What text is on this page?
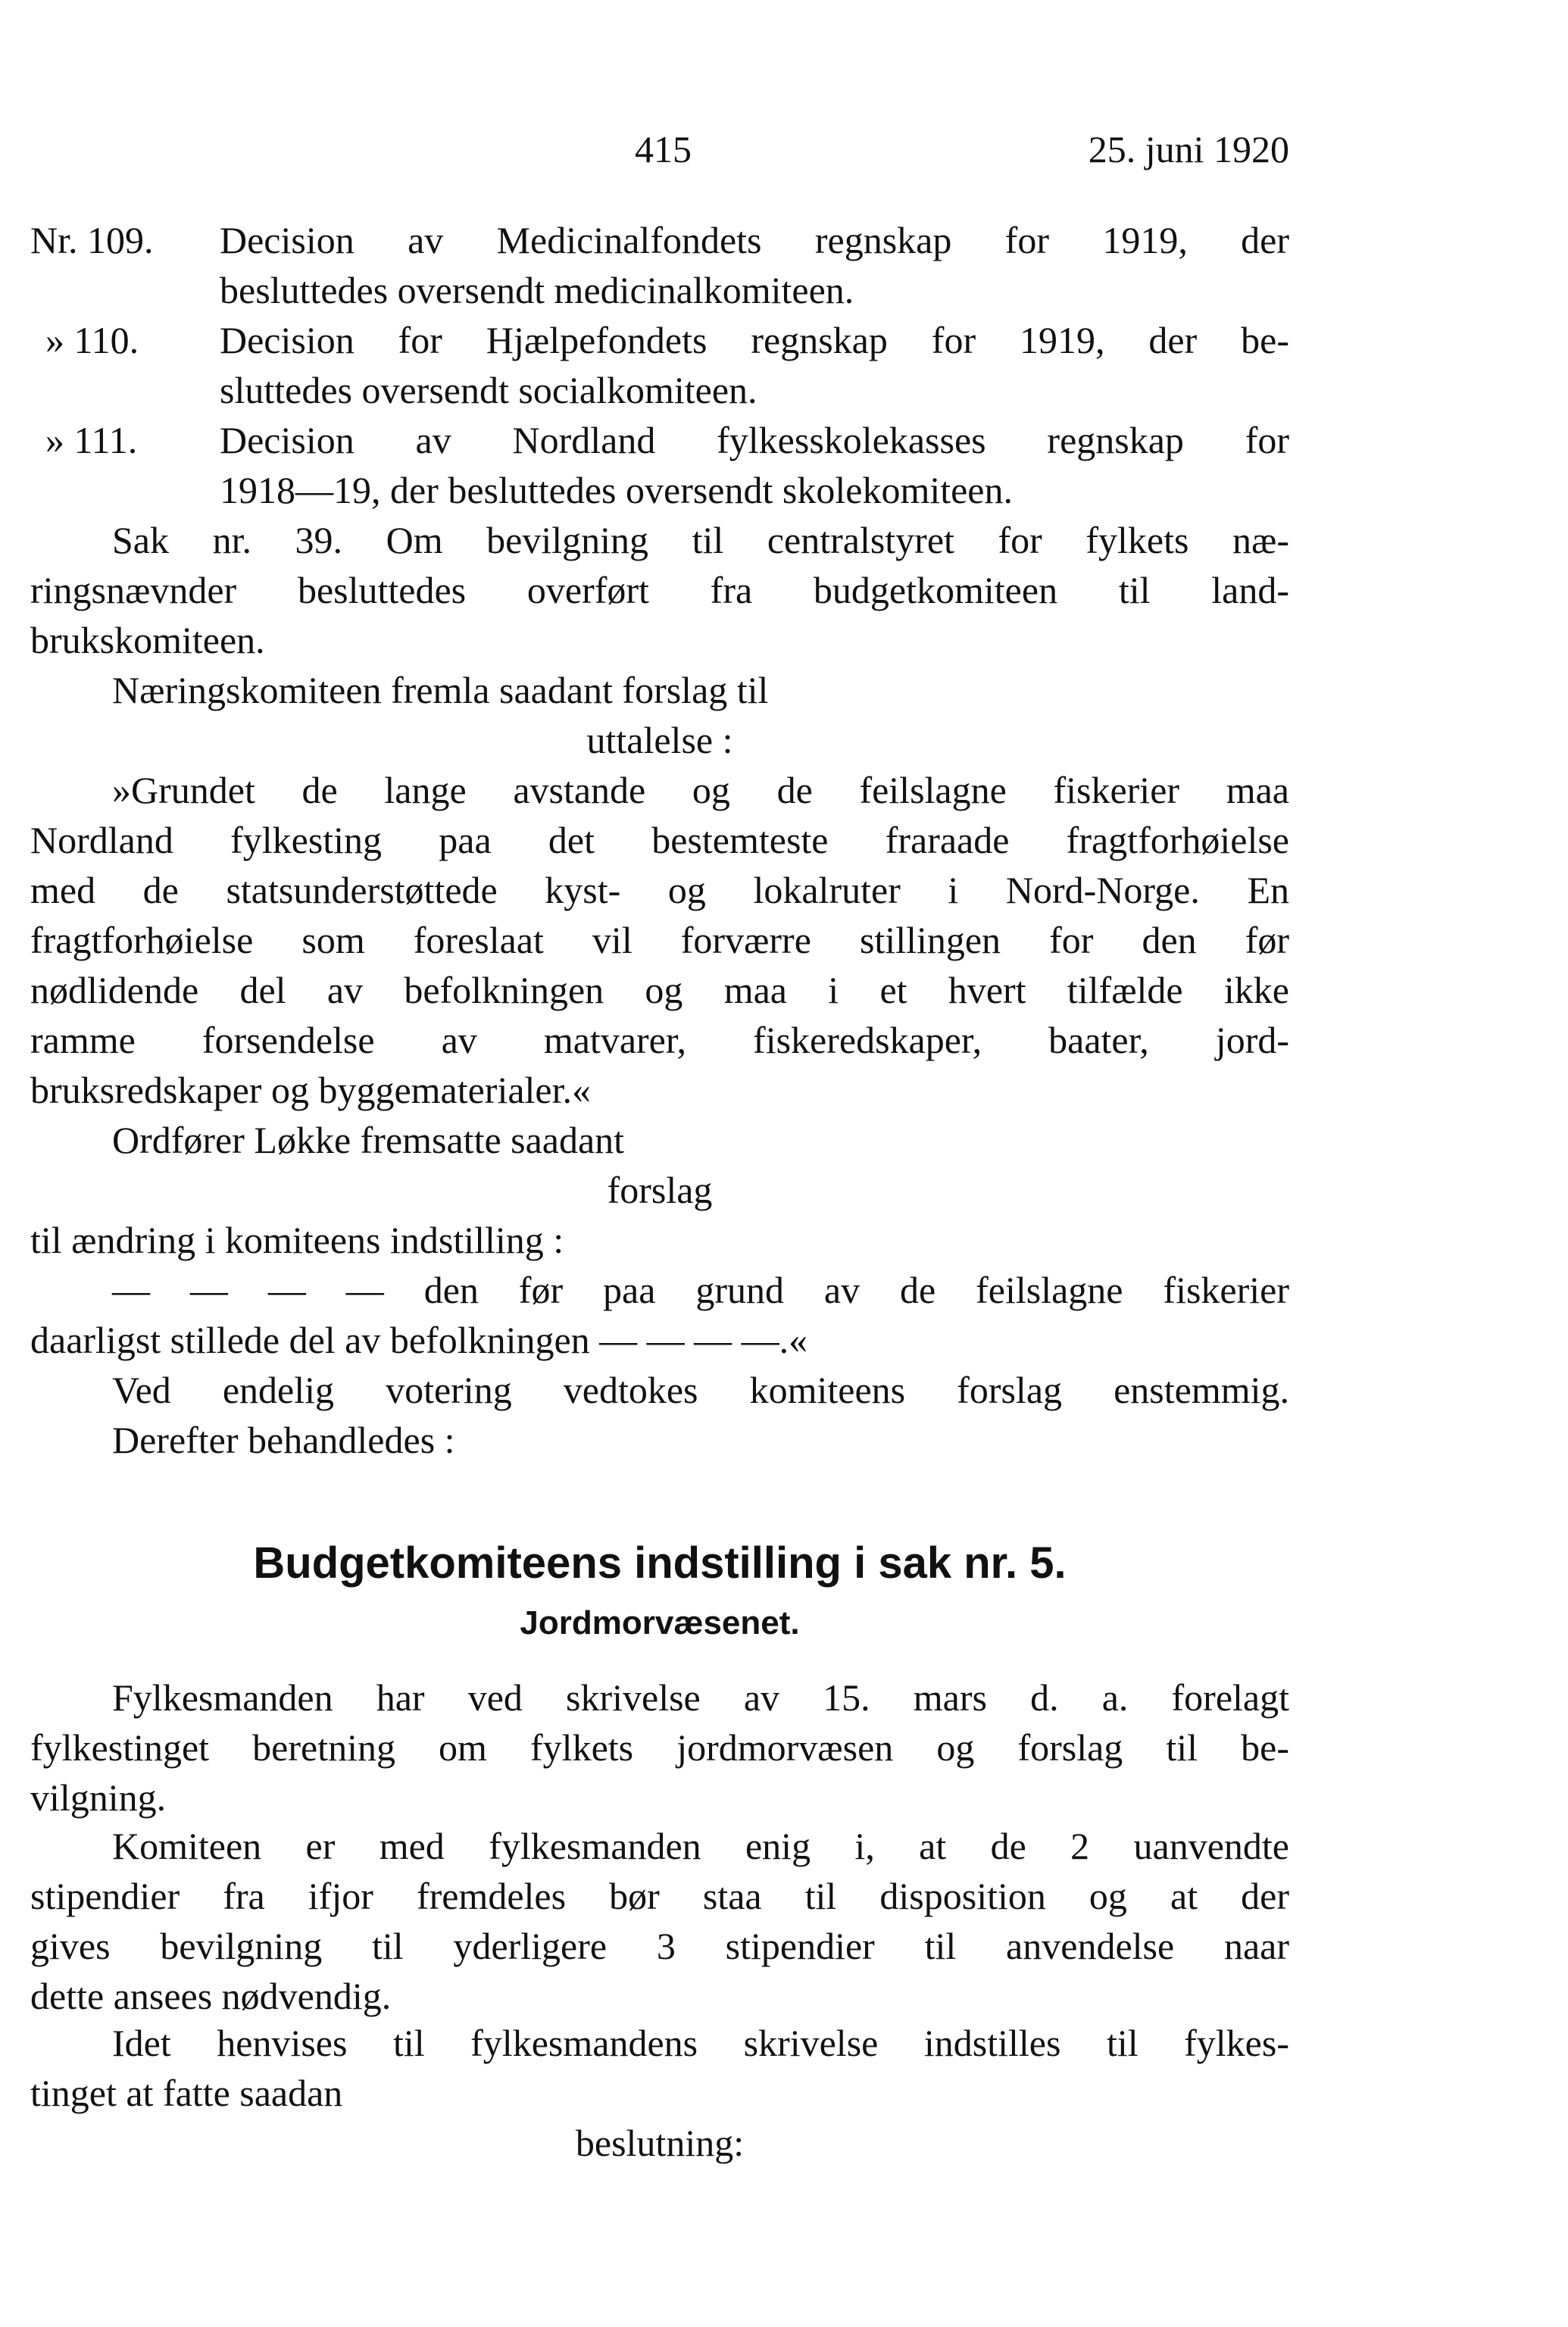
415	25. juni 1920
Nr. 109.	Decision av Medicinalfondets regnskap for 1919, der
besluttedes oversendt medicinalkomiteen.
» 110.	Decision for Hjælpefondets regnskap for 1919, der be-
sluttedes oversendt socialkomiteen.
» 111.	Decision av Nordland fylkesskolekasses regnskap for
1918—19, der besluttedes oversendt skolekomiteen.
Sak nr. 39. Om bevilgning til centralstyret for fylkets næ-
ringsnævnder besluttedes overført fra budgetkomiteen til land-
brukskomiteen.
Næringskomiteen fremla saadant forslag til
uttalelse :
»Grundet de lange avstande og de feilslagne fiskerier maa
Nordland fylkesting paa det bestemteste fraraade fragtforhøielse
med de statsunderstøttede kyst- og lokalruter i Nord-Norge. En
fragtforhøielse som foreslaat vil forværre stillingen for den før
nødlidende del av befolkningen og maa i et hvert tilfælde ikke
ramme forsendelse av matvarer, fiskeredskaper, baater, jord-
bruksredskaper og byggematerialer.«
Ordfører Løkke fremsatte saadant
forslag
til ændring i komiteens indstilling :
— — — — den før paa grund av de feilslagne fiskerier
daarligst stillede del av befolkningen — — — —.«
Ved endelig votering vedtokes komiteens forslag enstemmig.
Derefter behandledes :
Budgetkomiteens indstilling i sak nr. 5.
Jordmorvæsenet.
Fylkesmanden har ved skrivelse av 15. mars d. a. forelagt
fylkestinget beretning om fylkets jordmorvæsen og forslag til be-
vilgning.
Komiteen er med fylkesmanden enig i, at de 2 uanvendte
stipendier fra ifjor fremdeles bør staa til disposition og at der
gives bevilgning til yderligere 3 stipendier til anvendelse naar
dette ansees nødvendig.
Idet henvises til fylkesmandens skrivelse indstilles til fylkes-
tinget at fatte saadan
beslutning:
